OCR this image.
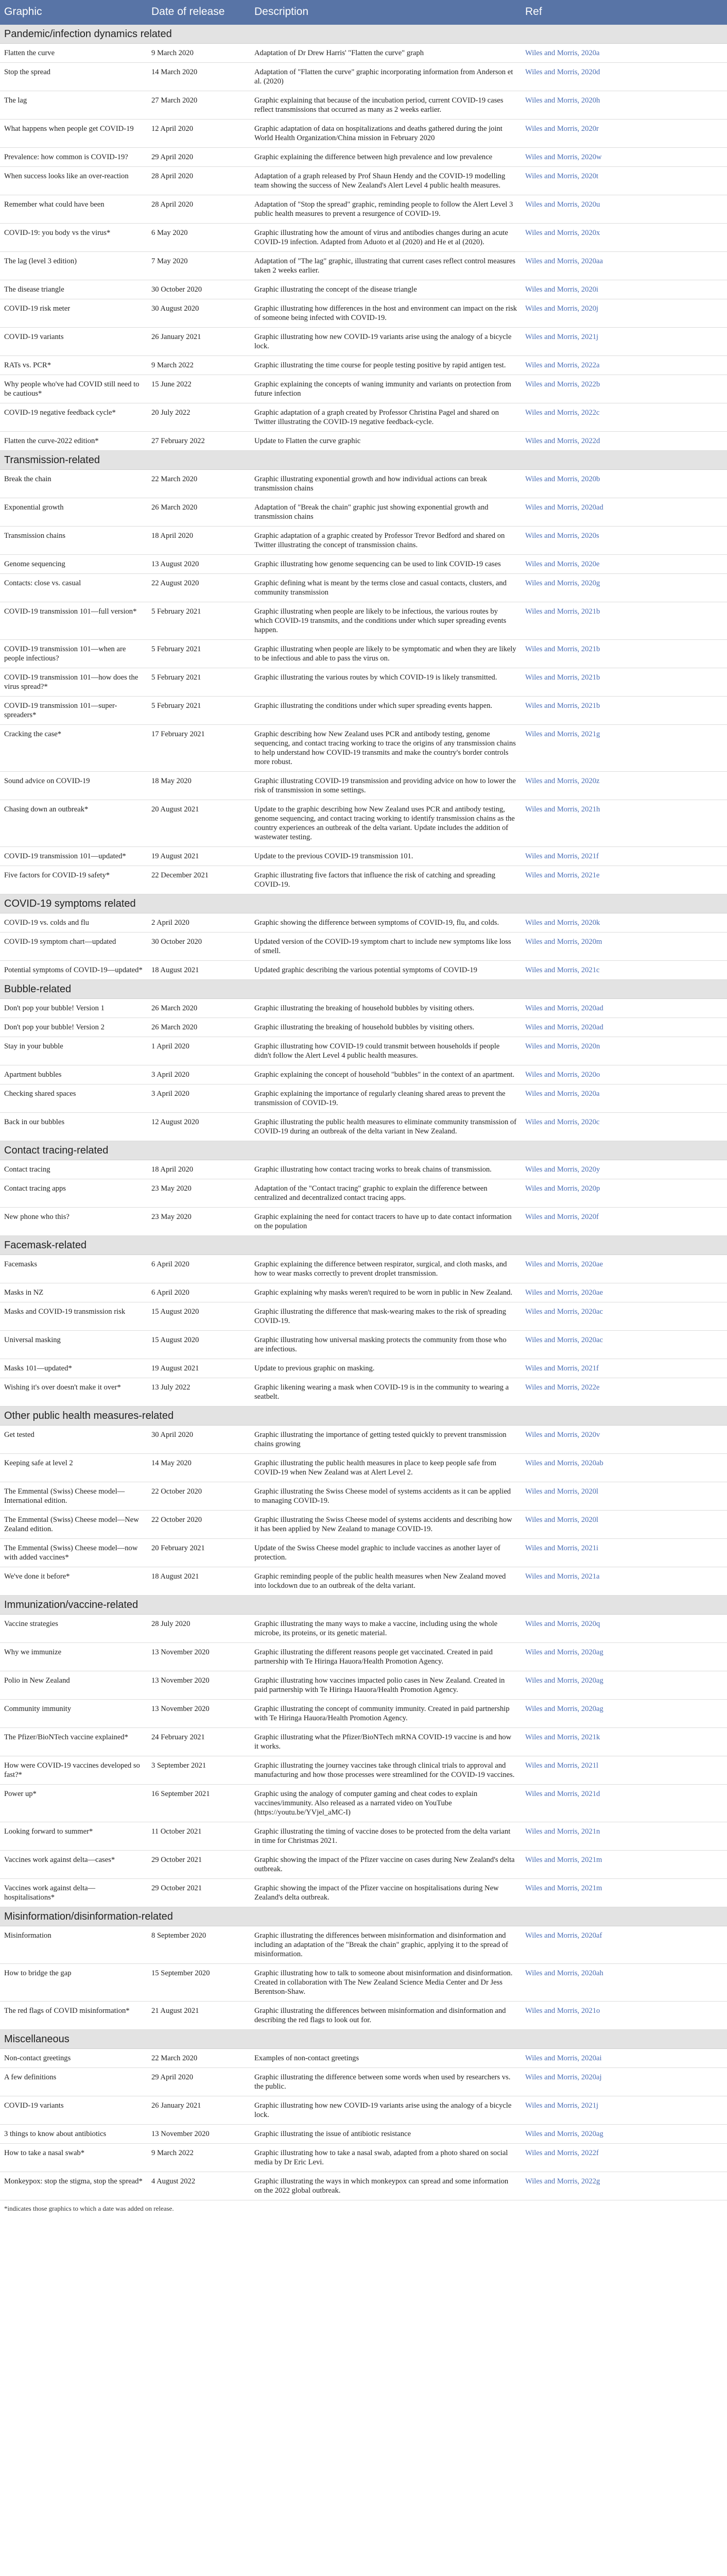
Graphic	Date of release	Description	Ref
Pandemic/infection dynamics related			
Flatten the curve	9 March 2020	Adaptation of Dr Drew Harris' "Flatten the curve" graph	Wiles and Morris, 2020a
Stop the spread	14 March 2020	Adaptation of "Flatten the curve" graphic incorporating information from Anderson et al. (2020)	Wiles and Morris, 2020d
The lag	27 March 2020	Graphic explaining that because of the incubation period, current COVID-19 cases reflect transmissions that occurred as many as 2 weeks earlier.	Wiles and Morris, 2020h
What happens when people get COVID-19	12 April 2020	Graphic adaptation of data on hospitalizations and deaths gathered during the joint World Health Organization/China mission in February 2020	Wiles and Morris, 2020r
Prevalence: how common is COVID-19?	29 April 2020	Graphic explaining the difference between high prevalence and low prevalence	Wiles and Morris, 2020w
When success looks like an over-reaction	28 April 2020	Adaptation of a graph released by Prof Shaun Hendy and the COVID-19 modelling team showing the success of New Zealand's Alert Level 4 public health measures.	Wiles and Morris, 2020t
Remember what could have been	28 April 2020	Adaptation of "Stop the spread" graphic, reminding people to follow the Alert Level 3 public health measures to prevent a resurgence of COVID-19.	Wiles and Morris, 2020u
COVID-19: you body vs the virus*	6 May 2020	Graphic illustrating how the amount of virus and antibodies changes during an acute COVID-19 infection. Adapted from Aduoto et al (2020) and He et al (2020).	Wiles and Morris, 2020x
The lag (level 3 edition)	7 May 2020	Adaptation of "The lag" graphic, illustrating that current cases reflect control measures taken 2 weeks earlier.	Wiles and Morris, 2020aa
The disease triangle	30 October 2020	Graphic illustrating the concept of the disease triangle	Wiles and Morris, 2020i
COVID-19 risk meter	30 August 2020	Graphic illustrating how differences in the host and environment can impact on the risk of someone being infected with COVID-19.	Wiles and Morris, 2020j
COVID-19 variants	26 January 2021	Graphic illustrating how new COVID-19 variants arise using the analogy of a bicycle lock.	Wiles and Morris, 2021j
RATs vs. PCR*	9 March 2022	Graphic illustrating the time course for people testing positive by rapid antigen test.	Wiles and Morris, 2022a
Why people who've had COVID still need to be cautious*	15 June 2022	Graphic explaining the concepts of waning immunity and variants on protection from future infection	Wiles and Morris, 2022b
COVID-19 negative feedback cycle*	20 July 2022	Graphic adaptation of a graph created by Professor Christina Pagel and shared on Twitter illustrating the COVID-19 negative feedback-cycle.	Wiles and Morris, 2022c
Flatten the curve-2022 edition*	27 February 2022	Update to Flatten the curve graphic	Wiles and Morris, 2022d
Transmission-related			
Break the chain	22 March 2020	Graphic illustrating exponential growth and how individual actions can break transmission chains	Wiles and Morris, 2020b
Exponential growth	26 March 2020	Adaptation of "Break the chain" graphic just showing exponential growth and transmission chains	Wiles and Morris, 2020ad
Transmission chains	18 April 2020	Graphic adaptation of a graphic created by Professor Trevor Bedford and shared on Twitter illustrating the concept of transmission chains.	Wiles and Morris, 2020s
Genome sequencing	13 August 2020	Graphic illustrating how genome sequencing can be used to link COVID-19 cases	Wiles and Morris, 2020e
Contacts: close vs. casual	22 August 2020	Graphic defining what is meant by the terms close and casual contacts, clusters, and community transmission	Wiles and Morris, 2020g
COVID-19 transmission 101—full version*	5 February 2021	Graphic illustrating when people are likely to be infectious, the various routes by which COVID-19 transmits, and the conditions under which super spreading events happen.	Wiles and Morris, 2021b
COVID-19 transmission 101—when are people infectious?	5 February 2021	Graphic illustrating when people are likely to be symptomatic and when they are likely to be infectious and able to pass the virus on.	Wiles and Morris, 2021b
COVID-19 transmission 101—how does the virus spread?*	5 February 2021	Graphic illustrating the various routes by which COVID-19 is likely transmitted.	Wiles and Morris, 2021b
COVID-19 transmission 101—super-spreaders*	5 February 2021	Graphic illustrating the conditions under which super spreading events happen.	Wiles and Morris, 2021b
Cracking the case*	17 February 2021	Graphic describing how New Zealand uses PCR and antibody testing, genome sequencing, and contact tracing working to trace the origins of any transmission chains to help understand how COVID-19 transmits and make the country's border controls more robust.	Wiles and Morris, 2021g
Sound advice on COVID-19	18 May 2020	Graphic illustrating COVID-19 transmission and providing advice on how to lower the risk of transmission in some settings.	Wiles and Morris, 2020z
Chasing down an outbreak*	20 August 2021	Update to the graphic describing how New Zealand uses PCR and antibody testing, genome sequencing, and contact tracing working to identify transmission chains as the country experiences an outbreak of the delta variant. Update includes the addition of wastewater testing.	Wiles and Morris, 2021h
COVID-19 transmission 101—updated*	19 August 2021	Update to the previous COVID-19 transmission 101.	Wiles and Morris, 2021f
Five factors for COVID-19 safety*	22 December 2021	Graphic illustrating five factors that influence the risk of catching and spreading COVID-19.	Wiles and Morris, 2021e
COVID-19 symptoms related			
COVID-19 vs. colds and flu	2 April 2020	Graphic showing the difference between symptoms of COVID-19, flu, and colds.	Wiles and Morris, 2020k
COVID-19 symptom chart—updated	30 October 2020	Updated version of the COVID-19 symptom chart to include new symptoms like loss of smell.	Wiles and Morris, 2020m
Potential symptoms of COVID-19—updated*	18 August 2021	Updated graphic describing the various potential symptoms of COVID-19	Wiles and Morris, 2021c
Bubble-related			
Don't pop your bubble! Version 1	26 March 2020	Graphic illustrating the breaking of household bubbles by visiting others.	Wiles and Morris, 2020ad
Don't pop your bubble! Version 2	26 March 2020	Graphic illustrating the breaking of household bubbles by visiting others.	Wiles and Morris, 2020ad
Stay in your bubble	1 April 2020	Graphic illustrating how COVID-19 could transmit between households if people didn't follow the Alert Level 4 public health measures.	Wiles and Morris, 2020n
Apartment bubbles	3 April 2020	Graphic explaining the concept of household "bubbles" in the context of an apartment.	Wiles and Morris, 2020o
Checking shared spaces	3 April 2020	Graphic explaining the importance of regularly cleaning shared areas to prevent the transmission of COVID-19.	Wiles and Morris, 2020a
Back in our bubbles	12 August 2020	Graphic illustrating the public health measures to eliminate community transmission of COVID-19 during an outbreak of the delta variant in New Zealand.	Wiles and Morris, 2020c
Contact tracing-related			
Contact tracing	18 April 2020	Graphic illustrating how contact tracing works to break chains of transmission.	Wiles and Morris, 2020y
Contact tracing apps	23 May 2020	Adaptation of the "Contact tracing" graphic to explain the difference between centralized and decentralized contact tracing apps.	Wiles and Morris, 2020p
New phone who this?	23 May 2020	Graphic explaining the need for contact tracers to have up to date contact information on the population	Wiles and Morris, 2020f
Facemask-related			
Facemasks	6 April 2020	Graphic explaining the difference between respirator, surgical, and cloth masks, and how to wear masks correctly to prevent droplet transmission.	Wiles and Morris, 2020ae
Masks in NZ	6 April 2020	Graphic explaining why masks weren't required to be worn in public in New Zealand.	Wiles and Morris, 2020ae
Masks and COVID-19 transmission risk	15 August 2020	Graphic illustrating the difference that mask-wearing makes to the risk of spreading COVID-19.	Wiles and Morris, 2020ac
Universal masking	15 August 2020	Graphic illustrating how universal masking protects the community from those who are infectious.	Wiles and Morris, 2020ac
Masks 101—updated*	19 August 2021	Update to previous graphic on masking.	Wiles and Morris, 2021f
Wishing it's over doesn't make it over*	13 July 2022	Graphic likening wearing a mask when COVID-19 is in the community to wearing a seatbelt.	Wiles and Morris, 2022e
Other public health measures-related			
Get tested	30 April 2020	Graphic illustrating the importance of getting tested quickly to prevent transmission chains growing	Wiles and Morris, 2020v
Keeping safe at level 2	14 May 2020	Graphic illustrating the public health measures in place to keep people safe from COVID-19 when New Zealand was at Alert Level 2.	Wiles and Morris, 2020ab
The Emmental (Swiss) Cheese model—International edition.	22 October 2020	Graphic illustrating the Swiss Cheese model of systems accidents as it can be applied to managing COVID-19.	Wiles and Morris, 2020l
The Emmental (Swiss) Cheese model—New Zealand edition.	22 October 2020	Graphic illustrating the Swiss Cheese model of systems accidents and describing how it has been applied by New Zealand to manage COVID-19.	Wiles and Morris, 2020l
The Emmental (Swiss) Cheese model—now with added vaccines*	20 February 2021	Update of the Swiss Cheese model graphic to include vaccines as another layer of protection.	Wiles and Morris, 2021i
We've done it before*	18 August 2021	Graphic reminding people of the public health measures when New Zealand moved into lockdown due to an outbreak of the delta variant.	Wiles and Morris, 2021a
Immunization/vaccine-related			
Vaccine strategies	28 July 2020	Graphic illustrating the many ways to make a vaccine, including using the whole microbe, its proteins, or its genetic material.	Wiles and Morris, 2020q
Why we immunize	13 November 2020	Graphic illustrating the different reasons people get vaccinated. Created in paid partnership with Te Hiringa Hauora/Health Promotion Agency.	Wiles and Morris, 2020ag
Polio in New Zealand	13 November 2020	Graphic illustrating how vaccines impacted polio cases in New Zealand. Created in paid partnership with Te Hiringa Hauora/Health Promotion Agency.	Wiles and Morris, 2020ag
Community immunity	13 November 2020	Graphic illustrating the concept of community immunity. Created in paid partnership with Te Hiringa Hauora/Health Promotion Agency.	Wiles and Morris, 2020ag
The Pfizer/BioNTech vaccine explained*	24 February 2021	Graphic illustrating what the Pfizer/BioNTech mRNA COVID-19 vaccine is and how it works.	Wiles and Morris, 2021k
How were COVID-19 vaccines developed so fast?*	3 September 2021	Graphic illustrating the journey vaccines take through clinical trials to approval and manufacturing and how those processes were streamlined for the COVID-19 vaccines.	Wiles and Morris, 2021l
Power up*	16 September 2021	Graphic using the analogy of computer gaming and cheat codes to explain vaccines/immunity. Also released as a narrated video on YouTube (https://youtu.be/YVjel_aMC-I)	Wiles and Morris, 2021d
Looking forward to summer*	11 October 2021	Graphic illustrating the timing of vaccine doses to be protected from the delta variant in time for Christmas 2021.	Wiles and Morris, 2021n
Vaccines work against delta—cases*	29 October 2021	Graphic showing the impact of the Pfizer vaccine on cases during New Zealand's delta outbreak.	Wiles and Morris, 2021m
Vaccines work against delta—hospitalisations*	29 October 2021	Graphic showing the impact of the Pfizer vaccine on hospitalisations during New Zealand's delta outbreak.	Wiles and Morris, 2021m
Misinformation/disinformation-related			
Misinformation	8 September 2020	Graphic illustrating the differences between misinformation and disinformation and including an adaptation of the "Break the chain" graphic, applying it to the spread of misinformation.	Wiles and Morris, 2020af
How to bridge the gap	15 September 2020	Graphic illustrating how to talk to someone about misinformation and disinformation. Created in collaboration with The New Zealand Science Media Center and Dr Jess Berentson-Shaw.	Wiles and Morris, 2020ah
The red flags of COVID misinformation*	21 August 2021	Graphic illustrating the differences between misinformation and disinformation and describing the red flags to look out for.	Wiles and Morris, 2021o
Miscellaneous			
Non-contact greetings	22 March 2020	Examples of non-contact greetings	Wiles and Morris, 2020ai
A few definitions	29 April 2020	Graphic illustrating the difference between some words when used by researchers vs. the public.	Wiles and Morris, 2020aj
COVID-19 variants	26 January 2021	Graphic illustrating how new COVID-19 variants arise using the analogy of a bicycle lock.	Wiles and Morris, 2021j
3 things to know about antibiotics	13 November 2020	Graphic illustrating the issue of antibiotic resistance	Wiles and Morris, 2020ag
How to take a nasal swab*	9 March 2022	Graphic illustrating how to take a nasal swab, adapted from a photo shared on social media by Dr Eric Levi.	Wiles and Morris, 2022f
Monkeypox: stop the stigma, stop the spread*	4 August 2022	Graphic illustrating the ways in which monkeypox can spread and some information on the 2022 global outbreak.	Wiles and Morris, 2022g
*indicates those graphics to which a date was added on release.
